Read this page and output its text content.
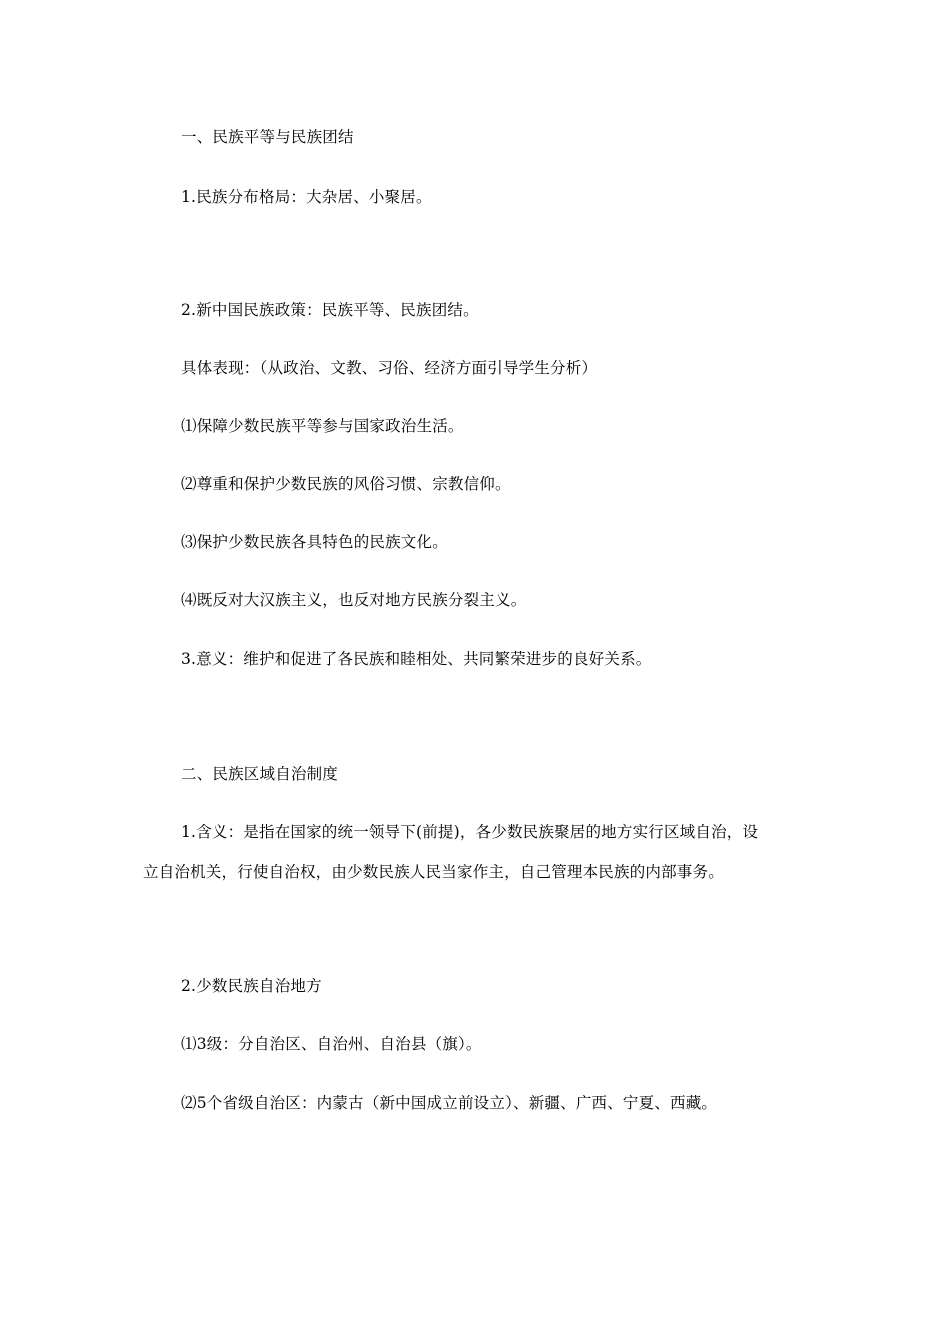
一、民族平等与民族团结
1.民族分布格局：大杂居、小聚居。
2.新中国民族政策：民族平等、民族团结。
具体表现：（从政治、文教、习俗、经济方面引导学生分析）
⑴保障少数民族平等参与国家政治生活。
⑵尊重和保护少数民族的风俗习惯、宗教信仰。
⑶保护少数民族各具特色的民族文化。
⑷既反对大汉族主义，也反对地方民族分裂主义。
3.意义：维护和促进了各民族和睦相处、共同繁荣进步的良好关系。
二、民族区域自治制度
1.含义：是指在国家的统一领导下(前提)，各少数民族聚居的地方实行区域自治，设
立自治机关，行使自治权，由少数民族人民当家作主，自己管理本民族的内部事务。
2.少数民族自治地方
⑴3级：分自治区、自治州、自治县（旗）。
⑵5个省级自治区：内蒙古（新中国成立前设立）、新疆、广西、宁夏、西藏。
